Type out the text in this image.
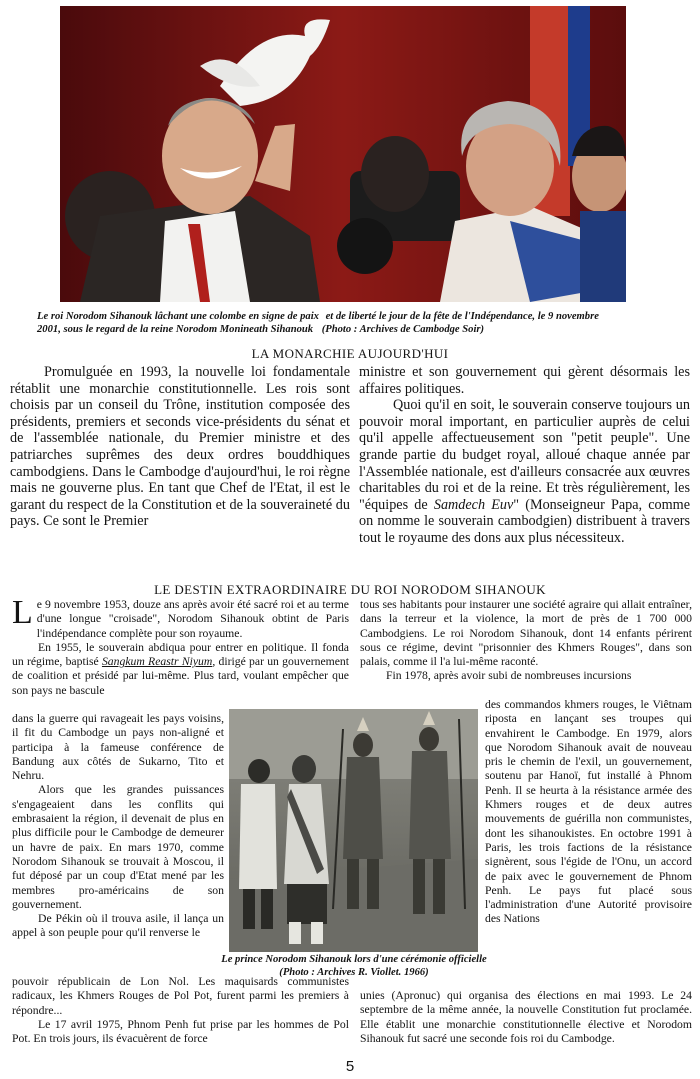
Le roi Norodom Sihanouk lâchant une colombe en signe de paix et de liberté le jour de la fête de l'Indépendance, le 9 novembre

2001, sous le regard de la reine Norodom Monineath Sihanouk (Photo : Archives de Cambodge Soir)

LA MONARCHIE AUJOURD'HUI

Promulguée en 1993, la nouvelle loi fondamentale rétablit une monarchie constitutionnelle. Les rois sont choisis par un conseil du Trône, institution composée des présidents, premiers et seconds vice-présidents du sénat et de l'assemblée nationale, du Premier ministre et des patriarches suprêmes des deux ordres bouddhiques cambodgiens. Dans le Cambodge d'aujourd'hui, le roi règne mais ne gouverne plus. En tant que Chef de l'Etat, il est le garant du respect de la Constitution et de la souveraineté du pays. Ce sont le Premier

ministre et son gouvernement qui gèrent désormais les affaires politiques.

Quoi qu'il en soit, le souverain conserve toujours un pouvoir moral important, en particulier auprès de celui qu'il appelle affectueusement son "petit peuple". Une grande partie du budget royal, alloué chaque année par l'Assemblée nationale, est d'ailleurs consacrée aux œuvres charitables du roi et de la reine. Et très régulièrement, les "équipes de Samdech Euv" (Monseigneur Papa, comme on nomme le souverain cambodgien) distribuent à travers tout le royaume des dons aux plus nécessiteux.

LE DESTIN EXTRAORDINAIRE DU ROI NORODOM SIHANOUK

Le 9 novembre 1953, douze ans après avoir été sacré roi et au terme d'une longue "croisade", Norodom Sihanouk obtint de Paris l'indépendance complète pour son royaume.

En 1955, le souverain abdiqua pour entrer en politique. Il fonda un régime, baptisé Sangkum Reastr Niyum, dirigé par un gouvernement de coalition et présidé par lui-même. Plus tard, voulant empêcher que son pays ne bascule

dans la guerre qui ravageait les pays voisins, il fit du Cambodge un pays non-aligné et participa à la fameuse conférence de Bandung aux côtés de Sukarno, Tito et Nehru.

Alors que les grandes puissances s'engageaient dans les conflits qui embrasaient la région, il devenait de plus en plus difficile pour le Cambodge de demeurer un havre de paix. En mars 1970, comme Norodom Sihanouk se trouvait à Moscou, il fut déposé par un coup d'Etat mené par les membres pro-américains de son gouvernement.

De Pékin où il trouva asile, il lança un appel à son peuple pour qu'il renverse le

pouvoir républicain de Lon Nol. Les maquisards communistes radicaux, les Khmers Rouges de Pol Pot, furent parmi les premiers à répondre...

Le 17 avril 1975, Phnom Penh fut prise par les hommes de Pol Pot. En trois jours, ils évacuèrent de force

tous ses habitants pour instaurer une société agraire qui allait entraîner, dans la terreur et la violence, la mort de près de 1 700 000 Cambodgiens. Le roi Norodom Sihanouk, dont 14 enfants périrent sous ce régime, devint "prisonnier des Khmers Rouges", dans son palais, comme il l'a lui-même raconté.

Fin 1978, après avoir subi de nombreuses incursions

des commandos khmers rouges, le Viêtnam riposta en lançant ses troupes qui envahirent le Cambodge. En 1979, alors que Norodom Sihanouk avait de nouveau pris le chemin de l'exil, un gouvernement, soutenu par Hanoï, fut installé à Phnom Penh. Il se heurta à la résistance armée des Khmers rouges et de deux autres mouvements de guérilla non communistes, dont les sihanoukistes. En octobre 1991 à Paris, les trois factions de la résistance signèrent, sous l'égide de l'Onu, un accord de paix avec le gouvernement de Phnom Penh. Le pays fut placé sous l'administration d'une Autorité provisoire des Nations

unies (Apronuc) qui organisa des élections en mai 1993. Le 24 septembre de la même année, la nouvelle Constitution fut proclamée. Elle établit une monarchie constitutionnelle élective et Norodom Sihanouk fut sacré une seconde fois roi du Cambodge.

Le prince Norodom Sihanouk lors d'une cérémonie officielle

(Photo : Archives R. Viollet. 1966)

5
